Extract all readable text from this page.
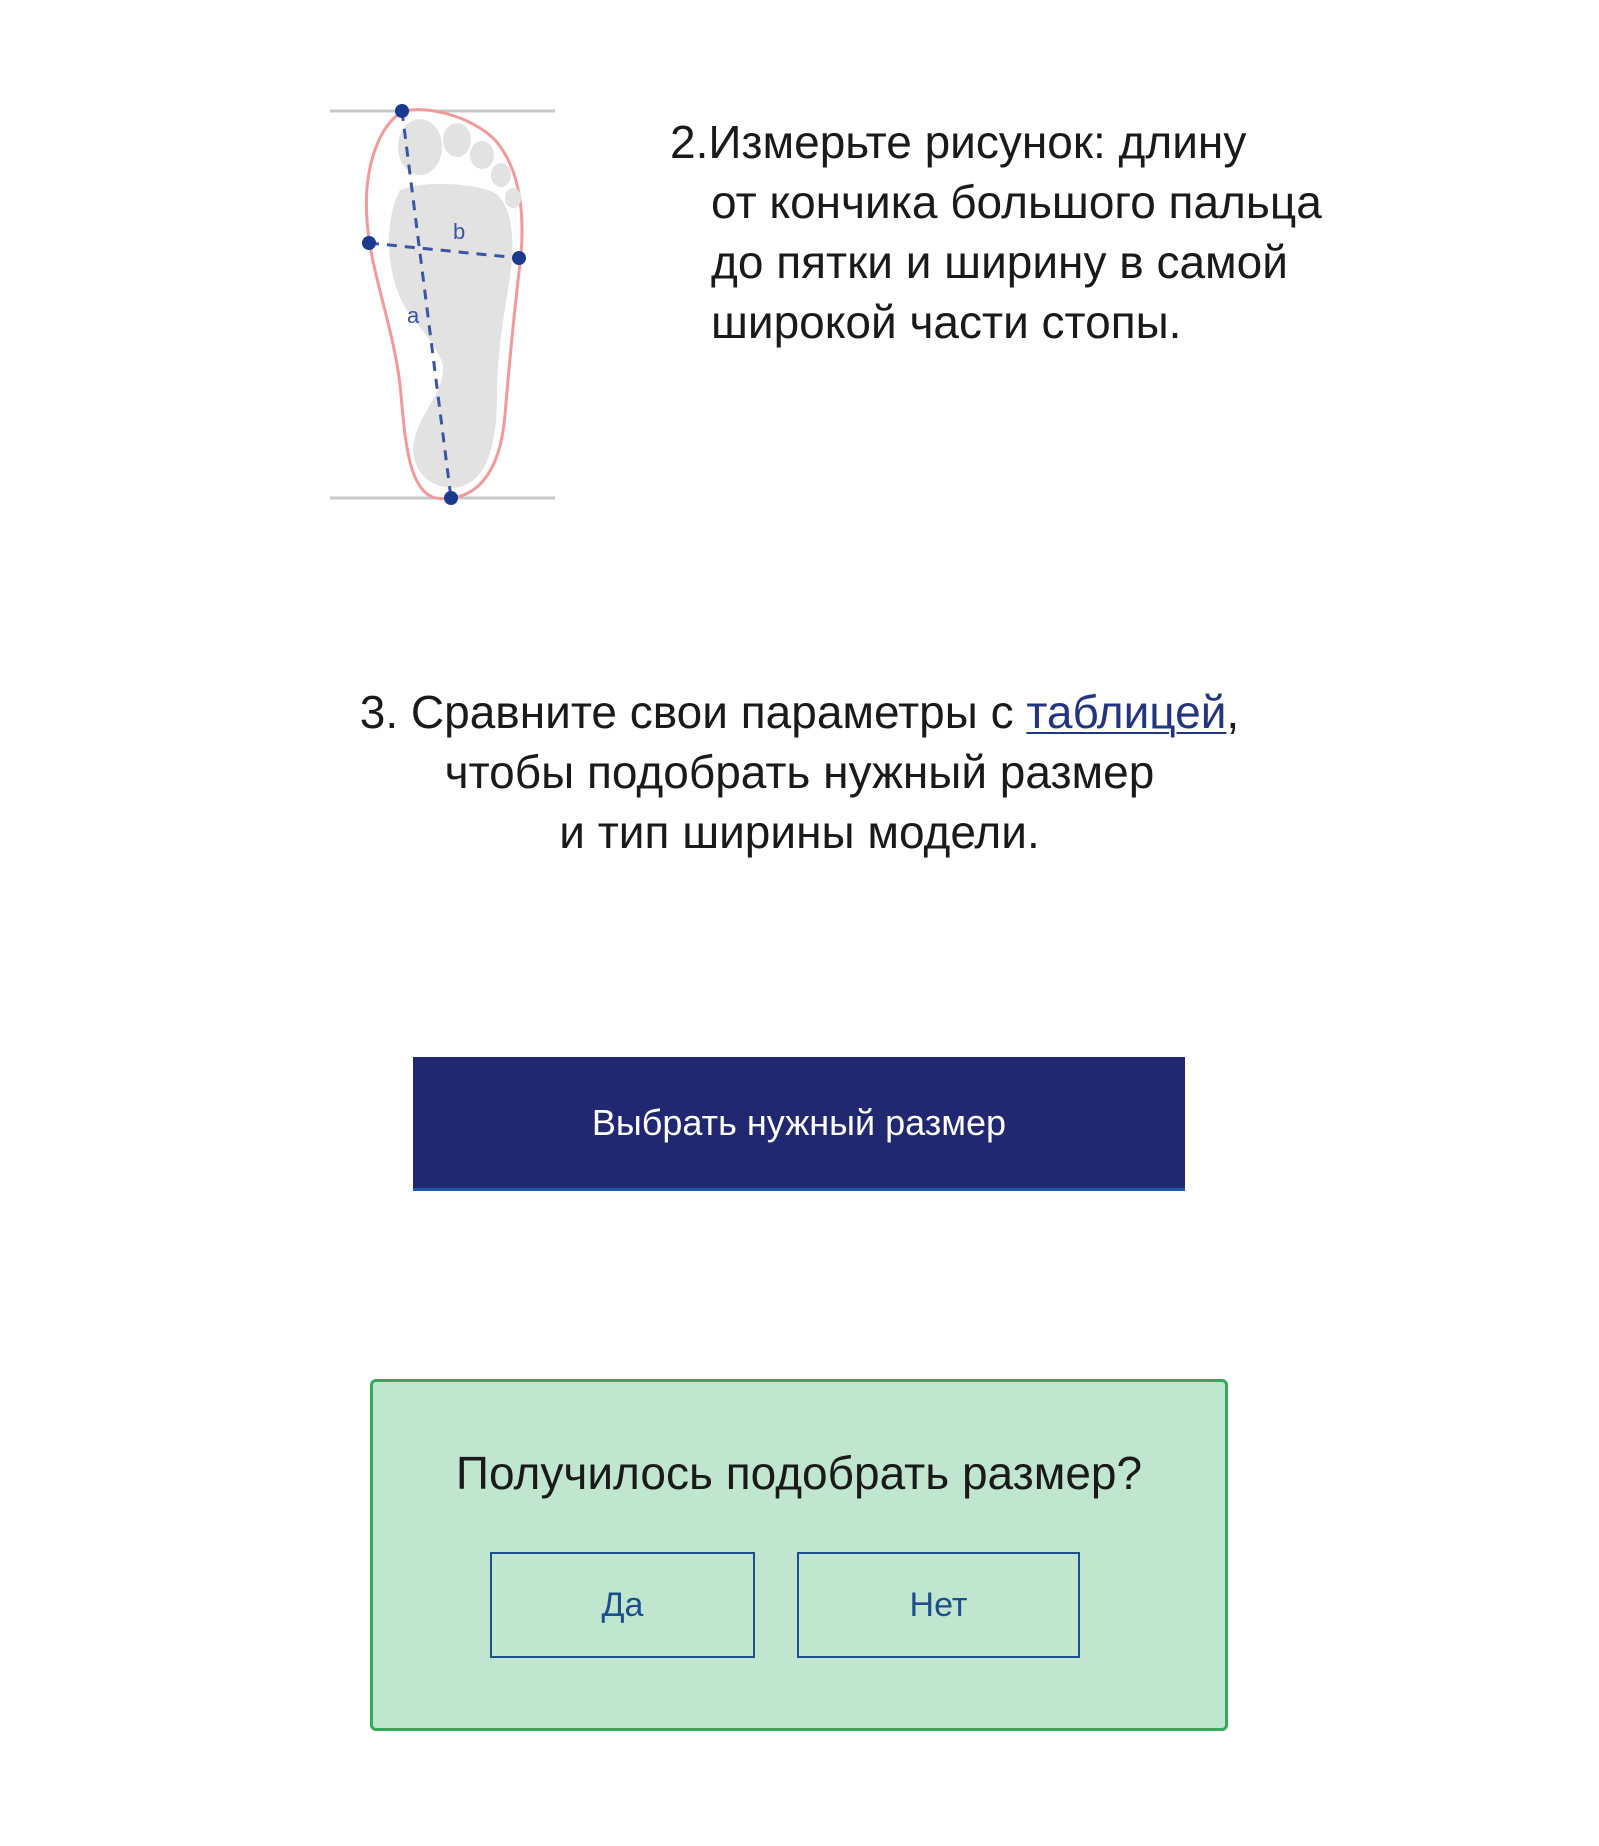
b
a
2.Измерьте рисунок: длину
от кончика большого пальца
до пятки и ширину в самой
широкой части стопы.
3. Сравните свои параметры с таблицей,
чтобы подобрать нужный размер
и тип ширины модели.
Выбрать нужный размер
Получилось подобрать размер?
Да	Нет
